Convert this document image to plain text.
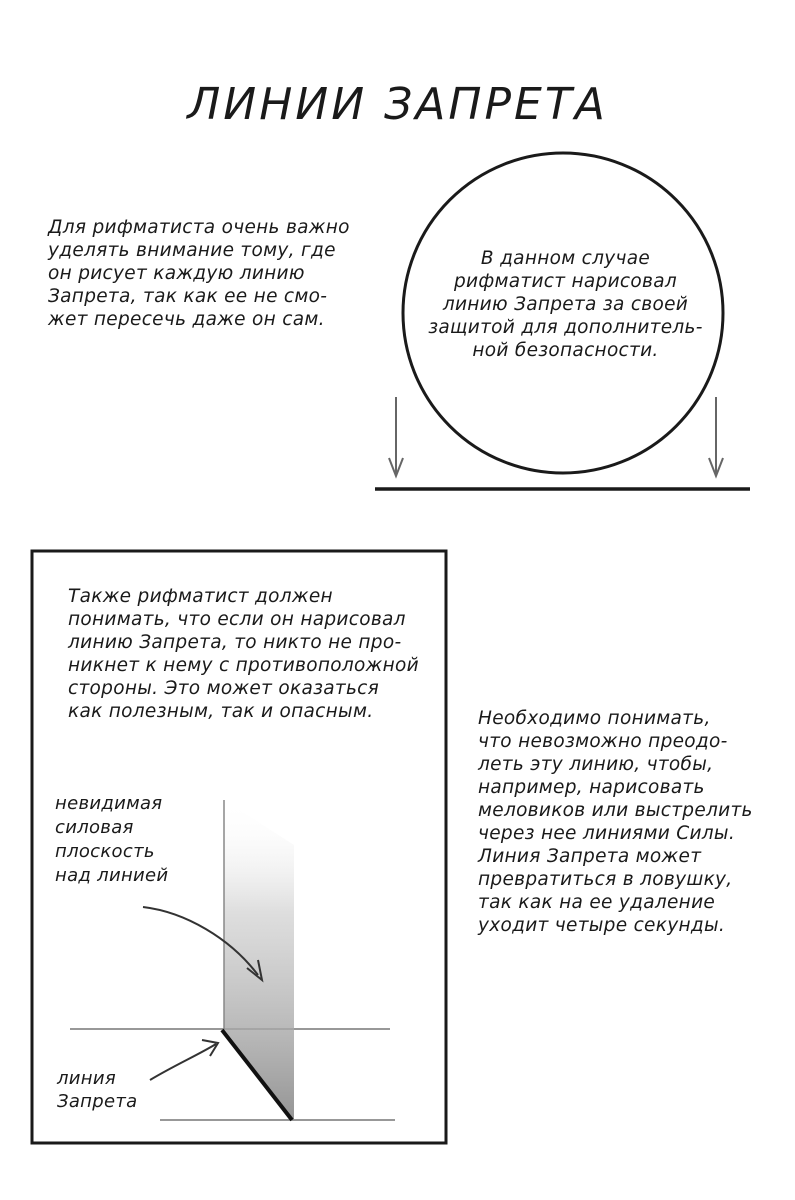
ЛИНИИ ЗАПРЕТА
Для рифматиста очень важно
уделять внимание тому, где
он рисует каждую линию
Запрета, так как ее не смо-
жет пересечь даже он сам.
В данном случае
рифматист нарисовал
линию Запрета за своей
защитой для дополнитель-
ной безопасности.
Также рифматист должен
понимать, что если он нарисовал
линию Запрета, то никто не про-
никнет к нему с противоположной
стороны. Это может оказаться
как полезным, так и опасным.	Необходимо понимать,
что невозможно преодо-
леть эту линию, чтобы,
например, нарисовать
меловиков или выстрелить
через нее линиями Силы.
Линия Запрета может
превратиться в ловушку,
так как на ее удаление
уходит четыре секунды.
невидимая
силовая
плоскость
над линией
линия
Запрета
